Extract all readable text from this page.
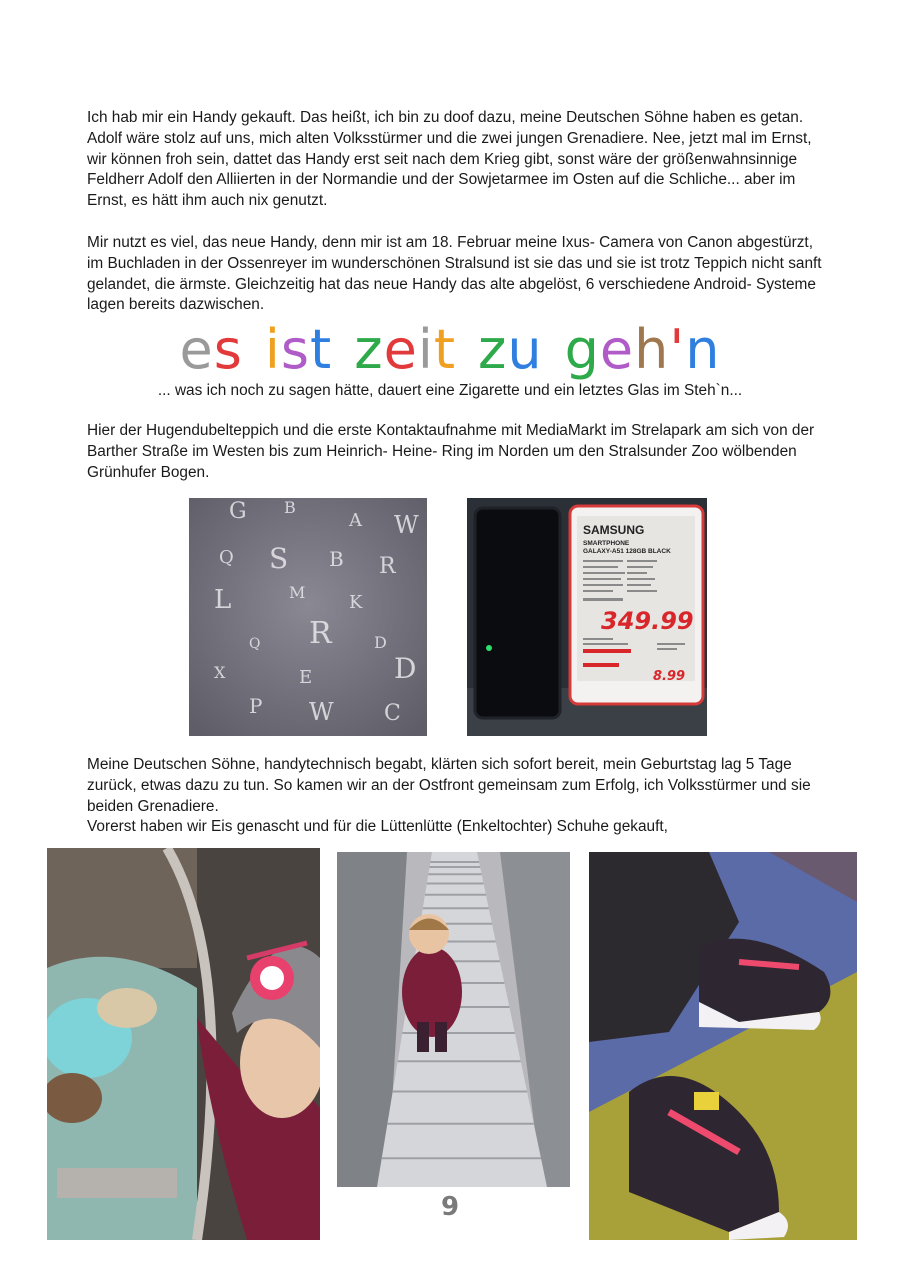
Ich hab mir ein Handy gekauft. Das heißt, ich bin zu doof dazu, meine Deutschen Söhne haben es getan. Adolf wäre stolz auf uns, mich alten Volksstürmer und die zwei jungen Grenadiere. Nee, jetzt mal im Ernst, wir können froh sein, dattet das Handy erst seit nach dem Krieg gibt, sonst wäre der größenwahnsinnige Feldherr Adolf den Alliierten in der Normandie und der Sowjetarmee im Osten auf die Schliche... aber im Ernst, es hätt ihm auch nix genutzt.

Mir nutzt es viel, das neue Handy, denn mir ist am 18. Februar meine Ixus- Camera von Canon abgestürzt, im Buchladen in der Ossenreyer im wunderschönen Stralsund ist sie das und sie ist trotz Teppich nicht sanft gelandet, die ärmste. Gleichzeitig hat das neue Handy das alte abgelöst, 6 verschiedene Android- Systeme lagen bereits dazwischen.

es ist zeit zu geh'n
... was ich noch zu sagen hätte, dauert eine Zigarette und ein letztes Glas im Steh`n...

Hier der Hugendubelteppich und die erste Kontaktaufnahme mit MediaMarkt im Strelapark am sich von der Barther Straße im Westen bis zum Heinrich- Heine- Ring im Norden um den Stralsunder Zoo wölbenden Grünhufer Bogen.

G B
A W
Q S B R
L	M K
R
Q	D
X	E	D
P W C
SAMSUNG
SMARTPHONE
GALAXY-A51 128GB BLACK
349.99
8.99

Meine Deutschen Söhne, handytechnisch begabt, klärten sich sofort bereit, mein Geburtstag lag 5 Tage zurück, etwas dazu zu tun. So kamen wir an der Ostfront gemeinsam zum Erfolg, ich Volksstürmer und sie beiden Grenadiere.
Vorerst haben wir Eis genascht und für die Lüttenlütte (Enkeltochter) Schuhe gekauft,

9
